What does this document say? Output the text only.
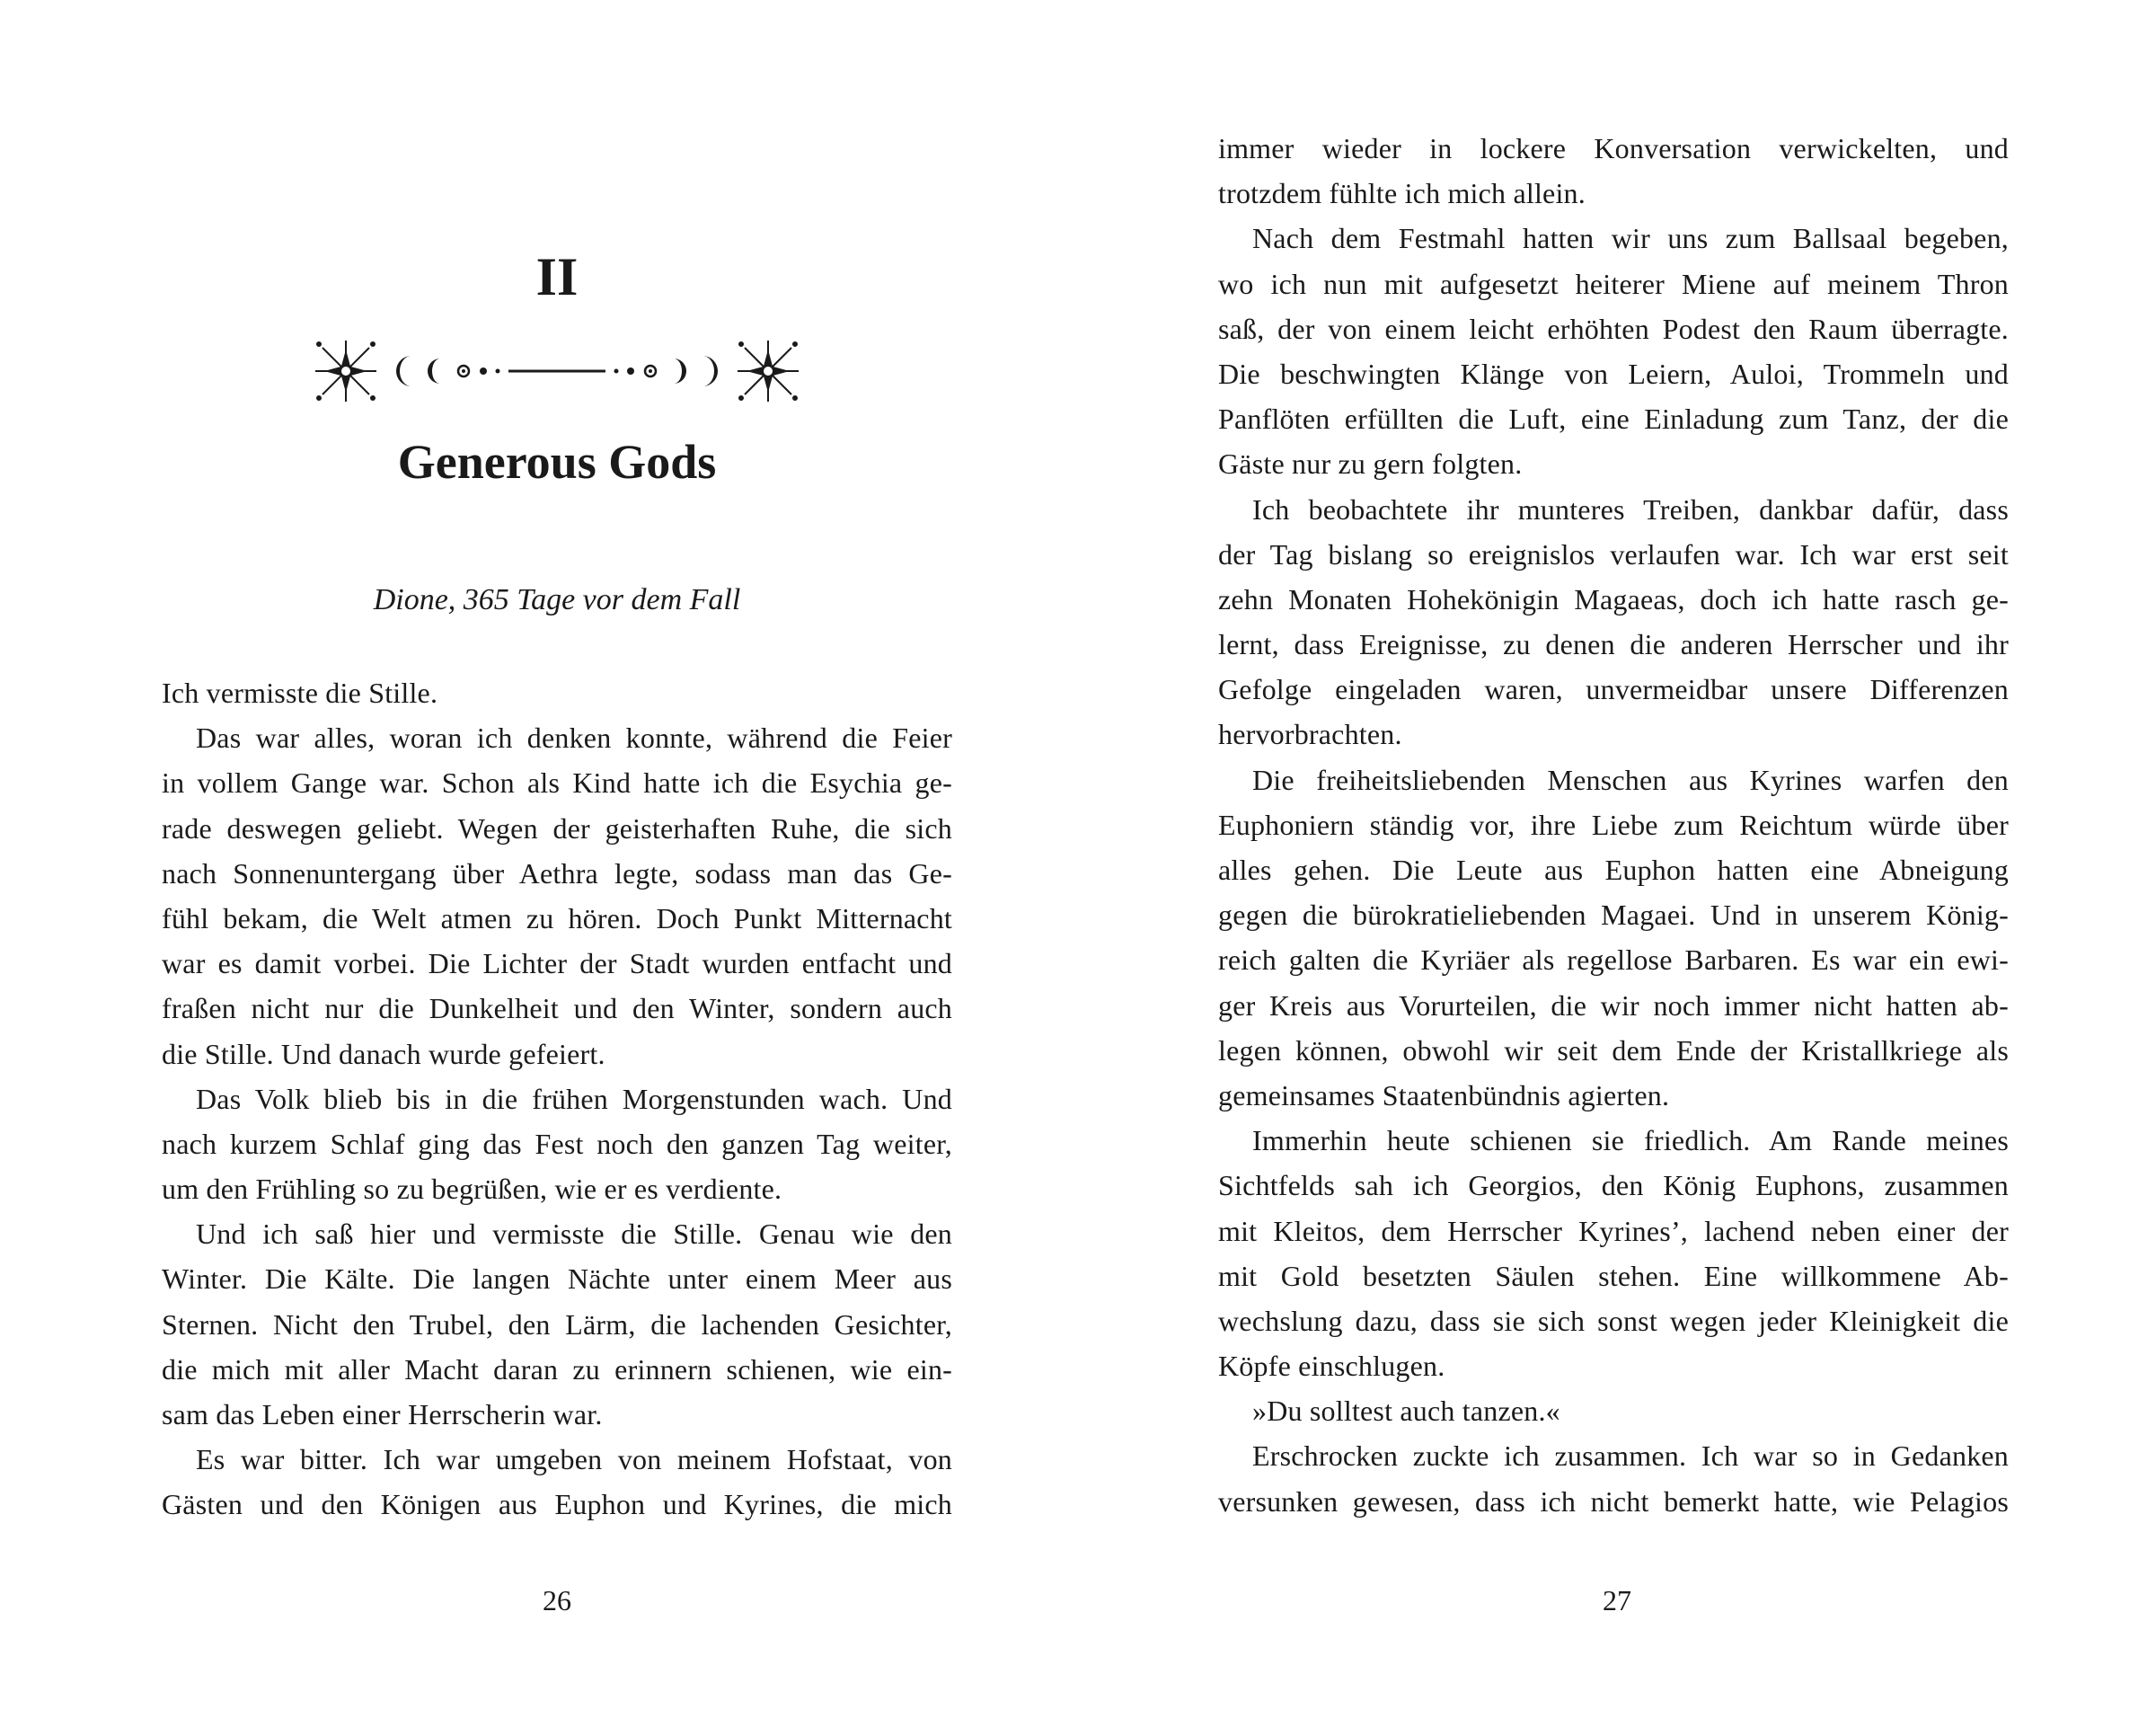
II
Generous Gods
Dione, 365 Tage vor dem Fall
Ich vermisste die Stille.
Das war alles, woran ich denken konnte, während die Feier
in vollem Gange war. Schon als Kind hatte ich die Esychia ge-
rade deswegen geliebt. Wegen der geisterhaften Ruhe, die sich
nach Sonnenuntergang über Aethra legte, sodass man das Ge-
fühl bekam, die Welt atmen zu hören. Doch Punkt Mitternacht
war es damit vorbei. Die Lichter der Stadt wurden entfacht und
fraßen nicht nur die Dunkelheit und den Winter, sondern auch
die Stille. Und danach wurde gefeiert.
Das Volk blieb bis in die frühen Morgenstunden wach. Und
nach kurzem Schlaf ging das Fest noch den ganzen Tag weiter,
um den Frühling so zu begrüßen, wie er es verdiente.
Und ich saß hier und vermisste die Stille. Genau wie den
Winter. Die Kälte. Die langen Nächte unter einem Meer aus
Sternen. Nicht den Trubel, den Lärm, die lachenden Gesichter,
die mich mit aller Macht daran zu erinnern schienen, wie ein-
sam das Leben einer Herrscherin war.
Es war bitter. Ich war umgeben von meinem Hofstaat, von
Gästen und den Königen aus Euphon und Kyrines, die mich
26
immer wieder in lockere Konversation verwickelten, und
trotzdem fühlte ich mich allein.
Nach dem Festmahl hatten wir uns zum Ballsaal begeben,
wo ich nun mit aufgesetzt heiterer Miene auf meinem Thron
saß, der von einem leicht erhöhten Podest den Raum überragte.
Die beschwingten Klänge von Leiern, Auloi, Trommeln und
Panflöten erfüllten die Luft, eine Einladung zum Tanz, der die
Gäste nur zu gern folgten.
Ich beobachtete ihr munteres Treiben, dankbar dafür, dass
der Tag bislang so ereignislos verlaufen war. Ich war erst seit
zehn Monaten Hohekönigin Magaeas, doch ich hatte rasch ge-
lernt, dass Ereignisse, zu denen die anderen Herrscher und ihr
Gefolge eingeladen waren, unvermeidbar unsere Differenzen
hervorbrachten.
Die freiheitsliebenden Menschen aus Kyrines warfen den
Euphoniern ständig vor, ihre Liebe zum Reichtum würde über
alles gehen. Die Leute aus Euphon hatten eine Abneigung
gegen die bürokratieliebenden Magaei. Und in unserem König-
reich galten die Kyriäer als regellose Barbaren. Es war ein ewi-
ger Kreis aus Vorurteilen, die wir noch immer nicht hatten ab-
legen können, obwohl wir seit dem Ende der Kristallkriege als
gemeinsames Staatenbündnis agierten.
Immerhin heute schienen sie friedlich. Am Rande meines
Sichtfelds sah ich Georgios, den König Euphons, zusammen
mit Kleitos, dem Herrscher Kyrines’, lachend neben einer der
mit Gold besetzten Säulen stehen. Eine willkommene Ab-
wechslung dazu, dass sie sich sonst wegen jeder Kleinigkeit die
Köpfe einschlugen.
»Du solltest auch tanzen.«
Erschrocken zuckte ich zusammen. Ich war so in Gedanken
versunken gewesen, dass ich nicht bemerkt hatte, wie Pelagios
27
